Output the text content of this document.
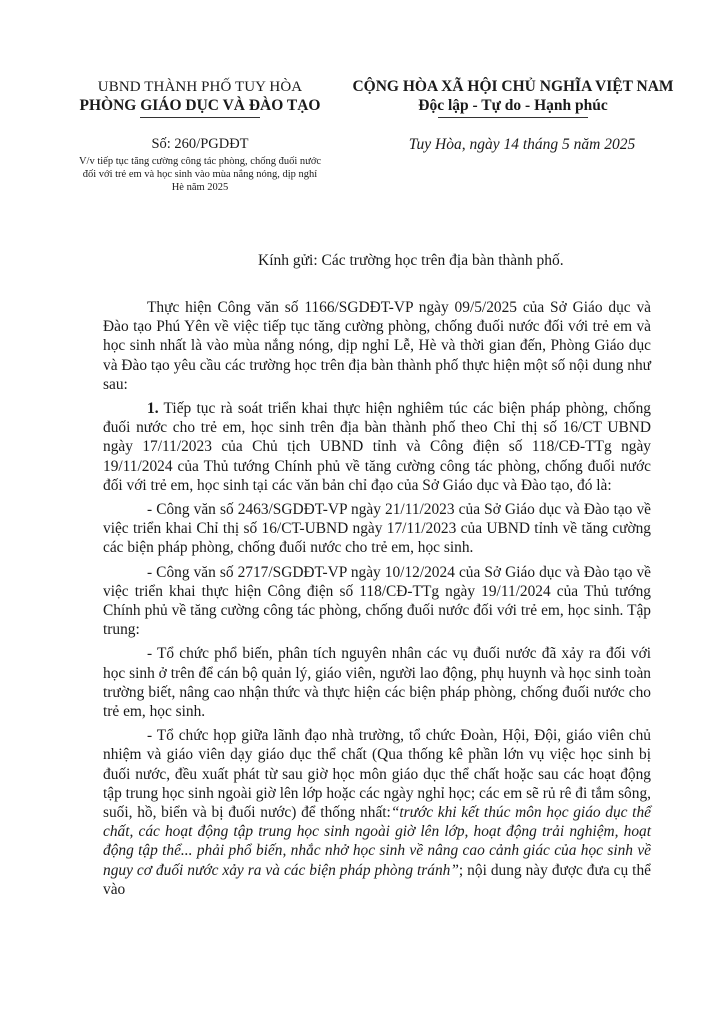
UBND THÀNH PHỐ TUY HÒA
PHÒNG GIÁO DỤC VÀ ĐÀO TẠO
CỘNG HÒA XÃ HỘI CHỦ NGHĨA VIỆT NAM
Độc lập - Tự do - Hạnh phúc
Số: 260/PGDĐT
V/v tiếp tục tăng cường công tác phòng, chống đuối nước đối với trẻ em và học sinh vào mùa nắng nóng, dịp nghỉ Hè năm 2025
Tuy Hòa, ngày 14 tháng 5 năm 2025
Kính gửi: Các trường học trên địa bàn thành phố.

Thực hiện Công văn số 1166/SGDĐT-VP ngày 09/5/2025 của Sở Giáo dục và Đào tạo Phú Yên về việc tiếp tục tăng cường phòng, chống đuối nước đối với trẻ em và học sinh nhất là vào mùa nắng nóng, dịp nghỉ Lễ, Hè và thời gian đến, Phòng Giáo dục và Đào tạo yêu cầu các trường học trên địa bàn thành phố thực hiện một số nội dung như sau:

1. Tiếp tục rà soát triển khai thực hiện nghiêm túc các biện pháp phòng, chống đuối nước cho trẻ em, học sinh trên địa bàn thành phố theo Chỉ thị số 16/CT UBND ngày 17/11/2023 của Chủ tịch UBND tỉnh và Công điện số 118/CĐ-TTg ngày 19/11/2024 của Thủ tướng Chính phủ về tăng cường công tác phòng, chống đuối nước đối với trẻ em, học sinh tại các văn bản chỉ đạo của Sở Giáo dục và Đào tạo, đó là:

- Công văn số 2463/SGDĐT-VP ngày 21/11/2023 của Sở Giáo dục và Đào tạo về việc triển khai Chỉ thị số 16/CT-UBND ngày 17/11/2023 của UBND tỉnh về tăng cường các biện pháp phòng, chống đuối nước cho trẻ em, học sinh.

- Công văn số 2717/SGDĐT-VP ngày 10/12/2024 của Sở Giáo dục và Đào tạo về việc triển khai thực hiện Công điện số 118/CĐ-TTg ngày 19/11/2024 của Thủ tướng Chính phủ về tăng cường công tác phòng, chống đuối nước đối với trẻ em, học sinh. Tập trung:

- Tổ chức phổ biến, phân tích nguyên nhân các vụ đuối nước đã xảy ra đối với học sinh ở trên để cán bộ quản lý, giáo viên, người lao động, phụ huynh và học sinh toàn trường biết, nâng cao nhận thức và thực hiện các biện pháp phòng, chống đuối nước cho trẻ em, học sinh.

- Tổ chức họp giữa lãnh đạo nhà trường, tổ chức Đoàn, Hội, Đội, giáo viên chủ nhiệm và giáo viên dạy giáo dục thể chất (Qua thống kê phần lớn vụ việc học sinh bị đuối nước, đều xuất phát từ sau giờ học môn giáo dục thể chất hoặc sau các hoạt động tập trung học sinh ngoài giờ lên lớp hoặc các ngày nghỉ học; các em sẽ rủ rê đi tắm sông, suối, hồ, biển và bị đuối nước) để thống nhất:“trước khi kết thúc môn học giáo dục thể chất, các hoạt động tập trung học sinh ngoài giờ lên lớp, hoạt động trải nghiệm, hoạt động tập thể... phải phổ biến, nhắc nhở học sinh về nâng cao cảnh giác của học sinh về nguy cơ đuối nước xảy ra và các biện pháp phòng tránh”; nội dung này được đưa cụ thể vào
